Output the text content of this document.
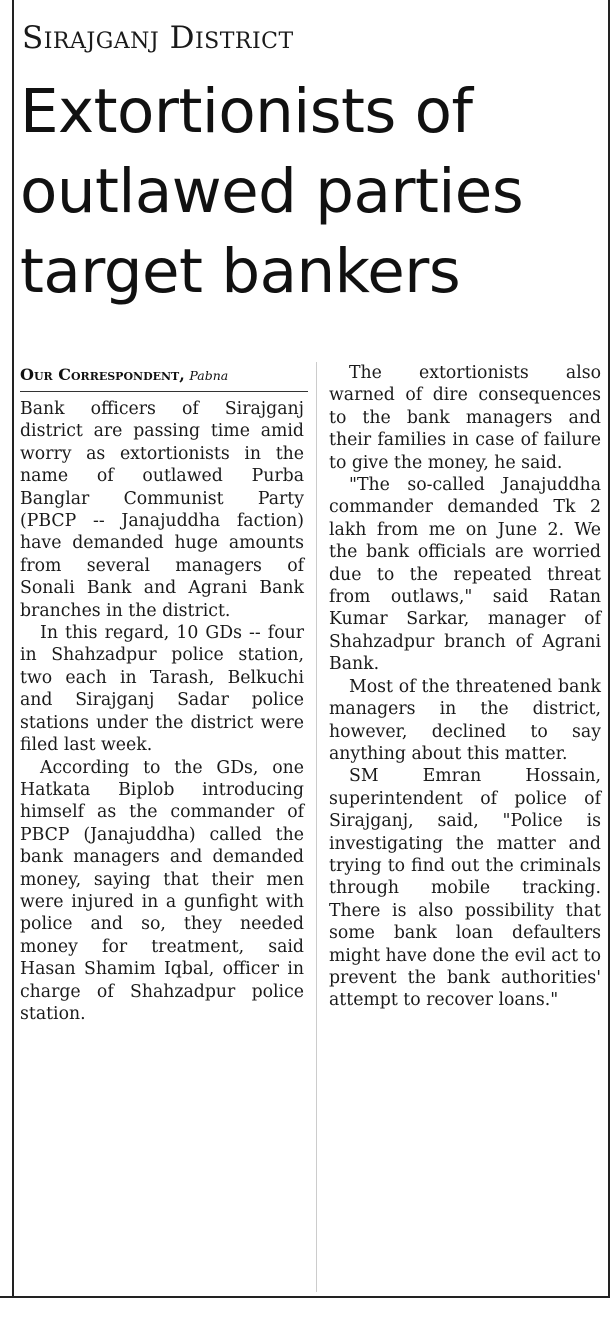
Sirajganj District
Extortionists of outlawed parties target bankers
Our Correspondent, Pabna

Bank officers of Sirajganj district are passing time amid worry as extortionists in the name of outlawed Purba Banglar Communist Party (PBCP -- Janajuddha faction) have demanded huge amounts from several managers of Sonali Bank and Agrani Bank branches in the district.

In this regard, 10 GDs -- four in Shahzadpur police station, two each in Tarash, Belkuchi and Sirajganj Sadar police stations under the district were filed last week.

According to the GDs, one Hatkata Biplob introducing himself as the commander of PBCP (Janajuddha) called the bank managers and demanded money, saying that their men were injured in a gunfight with police and so, they needed money for treatment, said Hasan Shamim Iqbal, officer in charge of Shahzadpur police station.

The extortionists also warned of dire consequences to the bank managers and their families in case of failure to give the money, he said.

"The so-called Janajuddha commander demanded Tk 2 lakh from me on June 2. We the bank officials are worried due to the repeated threat from outlaws," said Ratan Kumar Sarkar, manager of Shahzadpur branch of Agrani Bank.

Most of the threatened bank managers in the district, however, declined to say anything about this matter.

SM Emran Hossain, superintendent of police of Sirajganj, said, "Police is investigating the matter and trying to find out the criminals through mobile tracking. There is also possibility that some bank loan defaulters might have done the evil act to prevent the bank authorities' attempt to recover loans."
